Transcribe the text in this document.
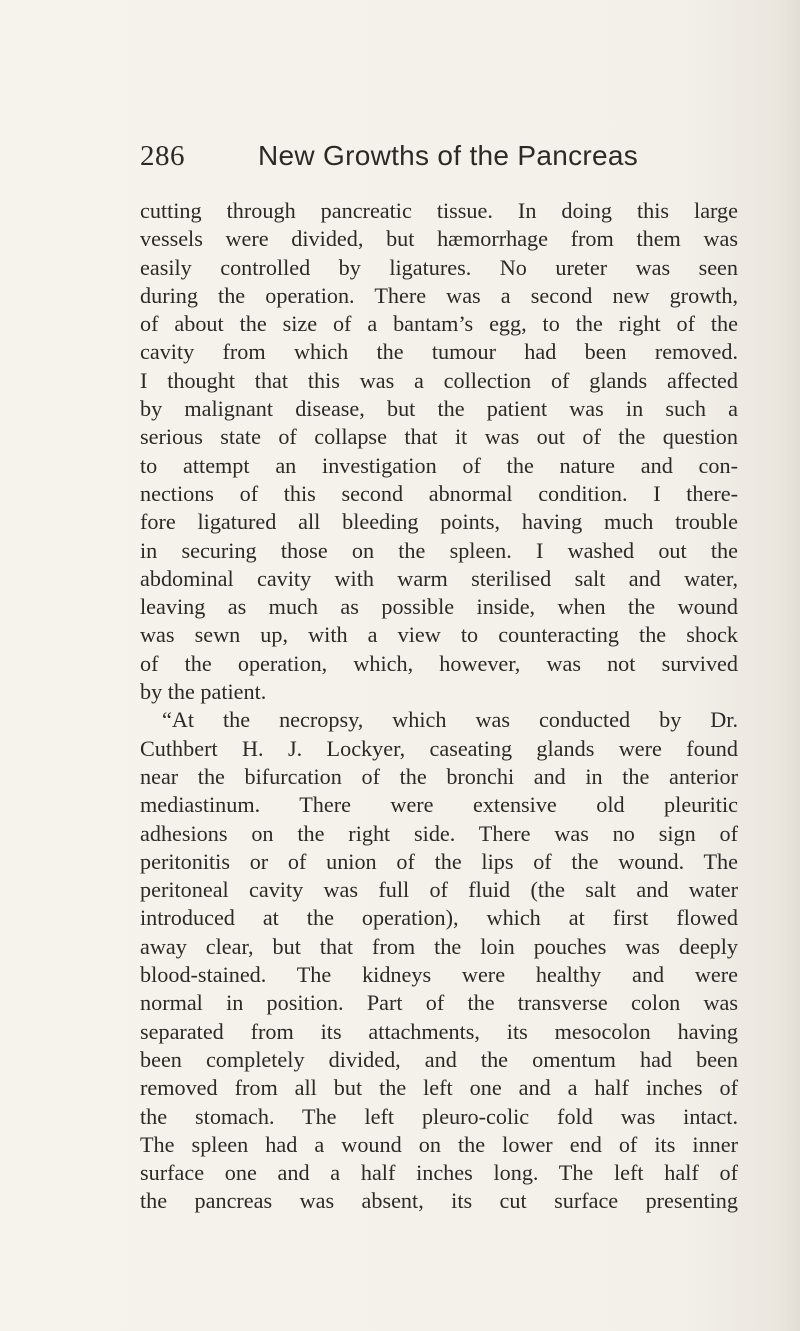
286	New Growths of the Pancreas
cutting through pancreatic tissue. In doing this large
vessels were divided, but hæmorrhage from them was
easily controlled by ligatures. No ureter was seen
during the operation. There was a second new growth,
of about the size of a bantam’s egg, to the right of the
cavity from which the tumour had been removed.
I thought that this was a collection of glands affected
by malignant disease, but the patient was in such a
serious state of collapse that it was out of the question
to attempt an investigation of the nature and con-
nections of this second abnormal condition. I there-
fore ligatured all bleeding points, having much trouble
in securing those on the spleen. I washed out the
abdominal cavity with warm sterilised salt and water,
leaving as much as possible inside, when the wound
was sewn up, with a view to counteracting the shock
of the operation, which, however, was not survived
by the patient.
“At the necropsy, which was conducted by Dr.
Cuthbert H. J. Lockyer, caseating glands were found
near the bifurcation of the bronchi and in the anterior
mediastinum. There were extensive old pleuritic
adhesions on the right side. There was no sign of
peritonitis or of union of the lips of the wound. The
peritoneal cavity was full of fluid (the salt and water
introduced at the operation), which at first flowed
away clear, but that from the loin pouches was deeply
blood-stained. The kidneys were healthy and were
normal in position. Part of the transverse colon was
separated from its attachments, its mesocolon having
been completely divided, and the omentum had been
removed from all but the left one and a half inches of
the stomach. The left pleuro-colic fold was intact.
The spleen had a wound on the lower end of its inner
surface one and a half inches long. The left half of
the pancreas was absent, its cut surface presenting
